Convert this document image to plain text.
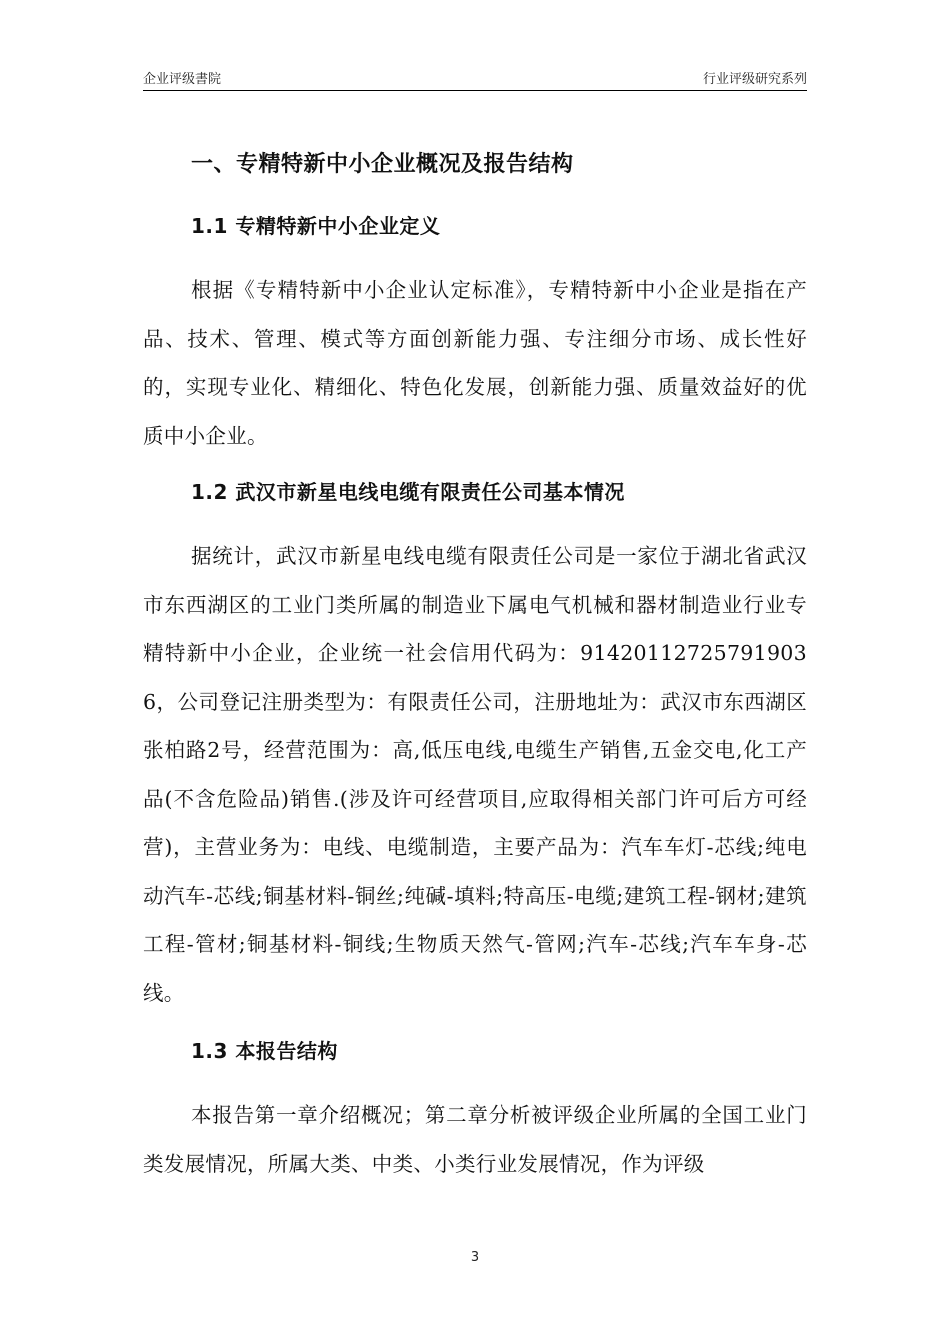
企业评级書院	行业评级研究系列
一、专精特新中小企业概况及报告结构
1.1 专精特新中小企业定义

根据《专精特新中小企业认定标准》，专精特新中小企业是指在产品、技术、管理、模式等方面创新能力强、专注细分市场、成长性好的，实现专业化、精细化、特色化发展，创新能力强、质量效益好的优质中小企业。

1.2 武汉市新星电线电缆有限责任公司基本情况

据统计，武汉市新星电线电缆有限责任公司是一家位于湖北省武汉市东西湖区的工业门类所属的制造业下属电气机械和器材制造业行业专精特新中小企业，企业统一社会信用代码为：914201127257919036，公司登记注册类型为：有限责任公司，注册地址为：武汉市东西湖区张柏路2号，经营范围为：高,低压电线,电缆生产销售,五金交电,化工产品(不含危险品)销售.(涉及许可经营项目,应取得相关部门许可后方可经营)，主营业务为：电线、电缆制造，主要产品为：汽车车灯-芯线;纯电动汽车-芯线;铜基材料-铜丝;纯碱-填料;特高压-电缆;建筑工程-钢材;建筑工程-管材;铜基材料-铜线;生物质天然气-管网;汽车-芯线;汽车车身-芯线。

1.3 本报告结构

本报告第一章介绍概况；第二章分析被评级企业所属的全国工业门类发展情况，所属大类、中类、小类行业发展情况，作为评级

3
